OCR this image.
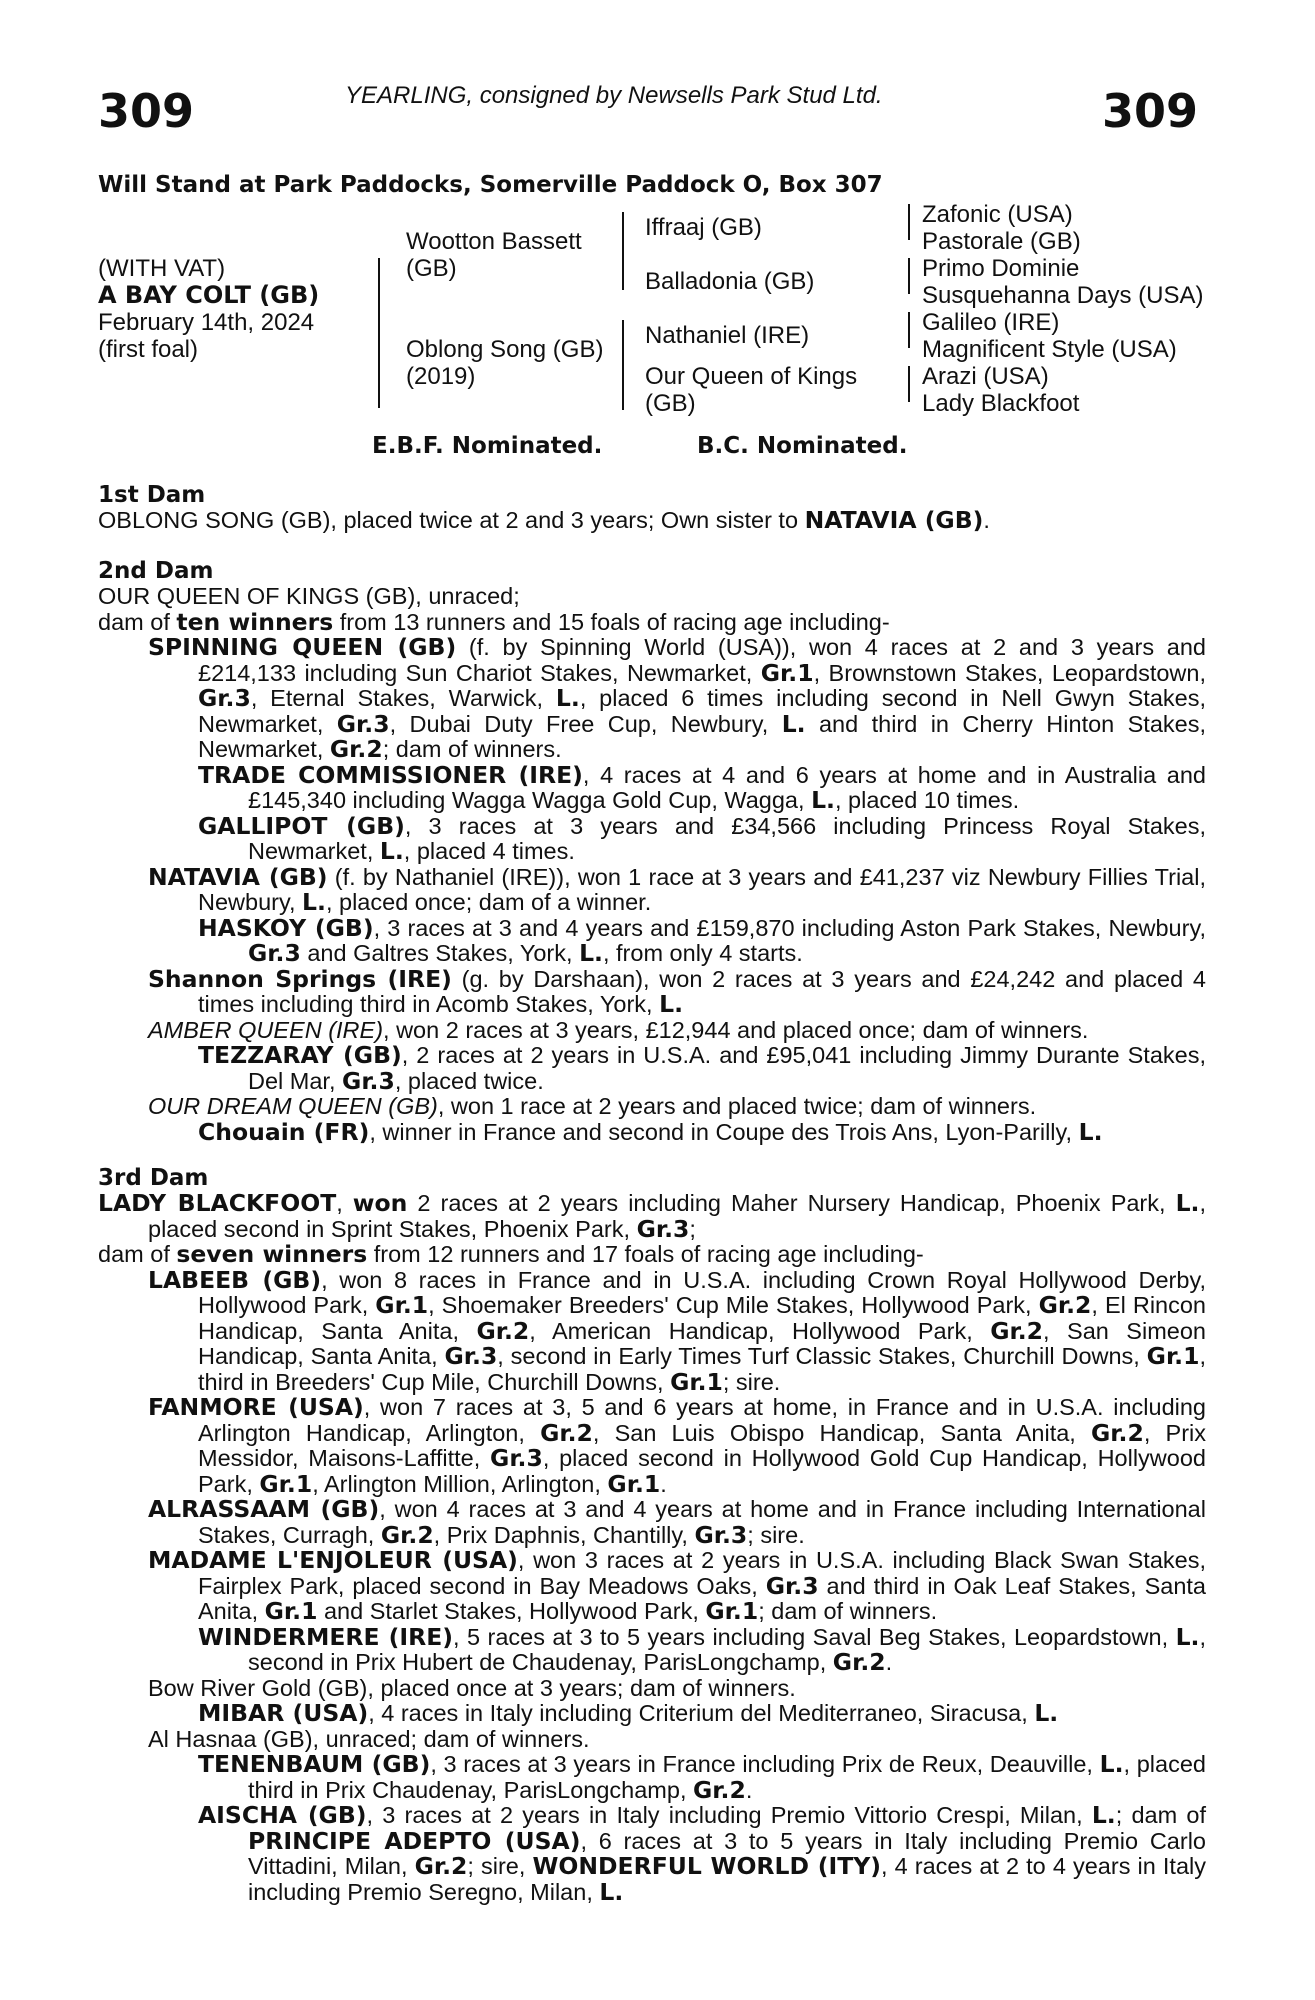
309	309
YEARLING, consigned by Newsells Park Stud Ltd.
Will Stand at Park Paddocks, Somerville Paddock O, Box 307
(WITH VAT)
A BAY COLT (GB)
February 14th, 2024
(first foal)
Wootton Bassett
(GB)
Oblong Song (GB)
(2019)
Iffraaj (GB)
Balladonia (GB)
Nathaniel (IRE)
Our Queen of Kings
(GB)
Zafonic (USA)
Pastorale (GB)
Primo Dominie
Susquehanna Days (USA)
Galileo (IRE)
Magnificent Style (USA)
Arazi (USA)
Lady Blackfoot
E.B.F. Nominated.	B.C. Nominated.
1st Dam

OBLONG SONG (GB), placed twice at 2 and 3 years; Own sister to NATAVIA (GB).

2nd Dam

OUR QUEEN OF KINGS (GB), unraced;

dam of ten winners from 13 runners and 15 foals of racing age including-

SPINNING QUEEN (GB) (f. by Spinning World (USA)), won 4 races at 2 and 3 years and £214,133 including Sun Chariot Stakes, Newmarket, Gr.1, Brownstown Stakes, Leopardstown, Gr.3, Eternal Stakes, Warwick, L., placed 6 times including second in Nell Gwyn Stakes, Newmarket, Gr.3, Dubai Duty Free Cup, Newbury, L. and third in Cherry Hinton Stakes, Newmarket, Gr.2; dam of winners.

TRADE COMMISSIONER (IRE), 4 races at 4 and 6 years at home and in Australia and £145,340 including Wagga Wagga Gold Cup, Wagga, L., placed 10 times.

GALLIPOT (GB), 3 races at 3 years and £34,566 including Princess Royal Stakes, Newmarket, L., placed 4 times.

NATAVIA (GB) (f. by Nathaniel (IRE)), won 1 race at 3 years and £41,237 viz Newbury Fillies Trial, Newbury, L., placed once; dam of a winner.

HASKOY (GB), 3 races at 3 and 4 years and £159,870 including Aston Park Stakes, Newbury, Gr.3 and Galtres Stakes, York, L., from only 4 starts.

Shannon Springs (IRE) (g. by Darshaan), won 2 races at 3 years and £24,242 and placed 4 times including third in Acomb Stakes, York, L.

AMBER QUEEN (IRE), won 2 races at 3 years, £12,944 and placed once; dam of winners.

TEZZARAY (GB), 2 races at 2 years in U.S.A. and £95,041 including Jimmy Durante Stakes, Del Mar, Gr.3, placed twice.

OUR DREAM QUEEN (GB), won 1 race at 2 years and placed twice; dam of winners.

Chouain (FR), winner in France and second in Coupe des Trois Ans, Lyon-Parilly, L.

3rd Dam

LADY BLACKFOOT, won 2 races at 2 years including Maher Nursery Handicap, Phoenix Park, L., placed second in Sprint Stakes, Phoenix Park, Gr.3;

dam of seven winners from 12 runners and 17 foals of racing age including-

LABEEB (GB), won 8 races in France and in U.S.A. including Crown Royal Hollywood Derby, Hollywood Park, Gr.1, Shoemaker Breeders' Cup Mile Stakes, Hollywood Park, Gr.2, El Rincon Handicap, Santa Anita, Gr.2, American Handicap, Hollywood Park, Gr.2, San Simeon Handicap, Santa Anita, Gr.3, second in Early Times Turf Classic Stakes, Churchill Downs, Gr.1, third in Breeders' Cup Mile, Churchill Downs, Gr.1; sire.

FANMORE (USA), won 7 races at 3, 5 and 6 years at home, in France and in U.S.A. including Arlington Handicap, Arlington, Gr.2, San Luis Obispo Handicap, Santa Anita, Gr.2, Prix Messidor, Maisons-Laffitte, Gr.3, placed second in Hollywood Gold Cup Handicap, Hollywood Park, Gr.1, Arlington Million, Arlington, Gr.1.

ALRASSAAM (GB), won 4 races at 3 and 4 years at home and in France including International Stakes, Curragh, Gr.2, Prix Daphnis, Chantilly, Gr.3; sire.

MADAME L'ENJOLEUR (USA), won 3 races at 2 years in U.S.A. including Black Swan Stakes, Fairplex Park, placed second in Bay Meadows Oaks, Gr.3 and third in Oak Leaf Stakes, Santa Anita, Gr.1 and Starlet Stakes, Hollywood Park, Gr.1; dam of winners.

WINDERMERE (IRE), 5 races at 3 to 5 years including Saval Beg Stakes, Leopardstown, L., second in Prix Hubert de Chaudenay, ParisLongchamp, Gr.2.

Bow River Gold (GB), placed once at 3 years; dam of winners.

MIBAR (USA), 4 races in Italy including Criterium del Mediterraneo, Siracusa, L.

Al Hasnaa (GB), unraced; dam of winners.

TENENBAUM (GB), 3 races at 3 years in France including Prix de Reux, Deauville, L., placed third in Prix Chaudenay, ParisLongchamp, Gr.2.

AISCHA (GB), 3 races at 2 years in Italy including Premio Vittorio Crespi, Milan, L.; dam of PRINCIPE ADEPTO (USA), 6 races at 3 to 5 years in Italy including Premio Carlo Vittadini, Milan, Gr.2; sire, WONDERFUL WORLD (ITY), 4 races at 2 to 4 years in Italy including Premio Seregno, Milan, L.
